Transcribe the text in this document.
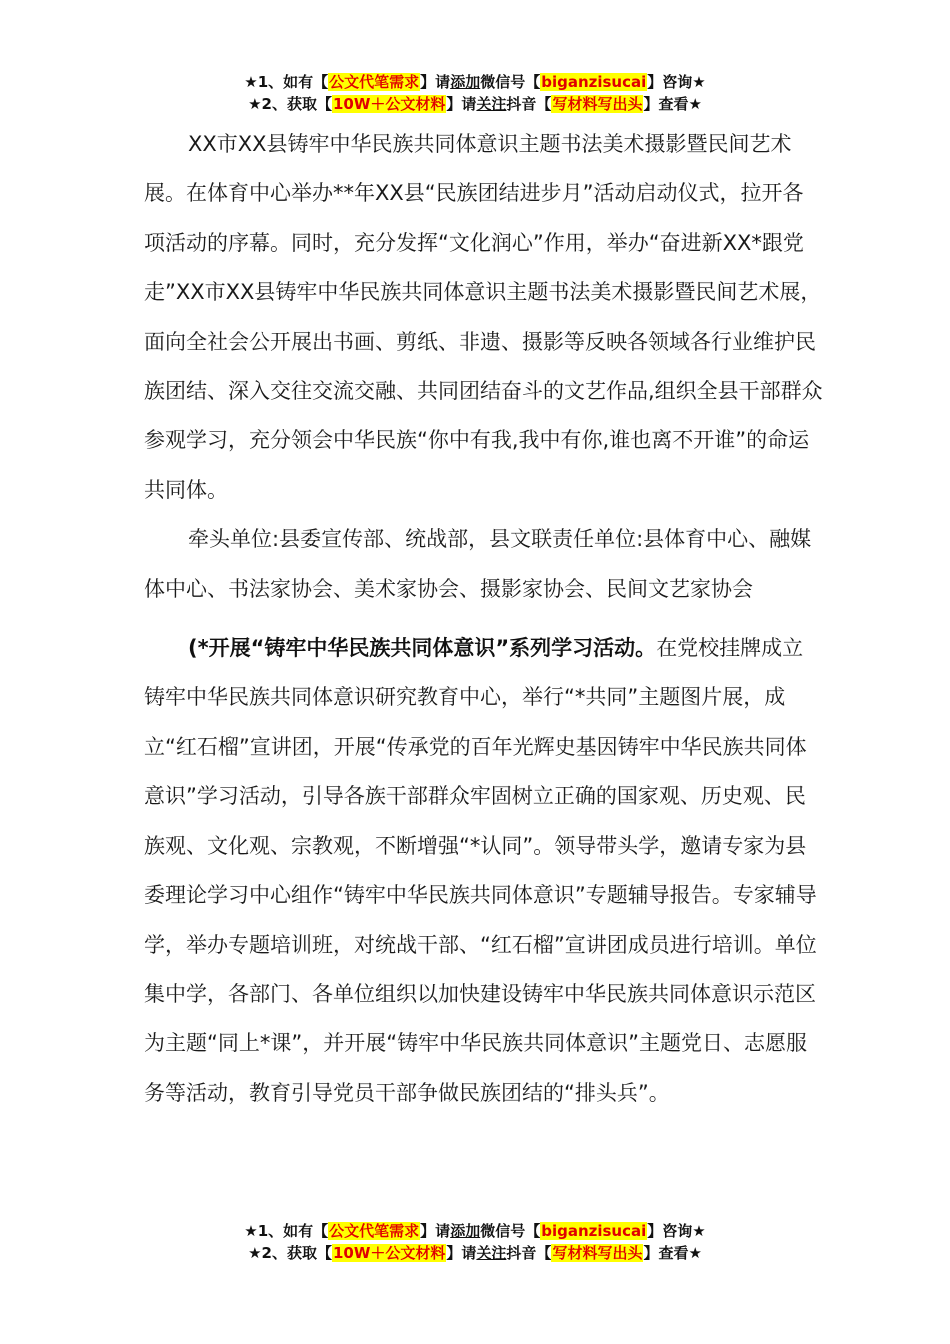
★1、如有【公文代笔需求】请添加微信号【biganzisucai】咨询★
★2、获取【10W＋公文材料】请关注抖音【写材料写出头】查看★

XX市XX县铸牢中华民族共同体意识主题书法美术摄影暨民间艺术展。在体育中心举办**年XX县“民族团结进步月”活动启动仪式，拉开各项活动的序幕。同时，充分发挥“文化润心”作用，举办“奋进新XX*跟党走”XX市XX县铸牢中华民族共同体意识主题书法美术摄影暨民间艺术展，面向全社会公开展出书画、剪纸、非遗、摄影等反映各领域各行业维护民族团结、深入交往交流交融、共同团结奋斗的文艺作品,组织全县干部群众参观学习，充分领会中华民族“你中有我,我中有你,谁也离不开谁”的命运共同体。

牵头单位:县委宣传部、统战部，县文联责任单位:县体育中心、融媒体中心、书法家协会、美术家协会、摄影家协会、民间文艺家协会

(*开展“铸牢中华民族共同体意识”系列学习活动。在党校挂牌成立铸牢中华民族共同体意识研究教育中心，举行“*共同”主题图片展，成立“红石榴”宣讲团，开展“传承党的百年光辉史基因铸牢中华民族共同体意识”学习活动，引导各族干部群众牢固树立正确的国家观、历史观、民族观、文化观、宗教观，不断增强“*认同”。领导带头学，邀请专家为县委理论学习中心组作“铸牢中华民族共同体意识”专题辅导报告。专家辅导学，举办专题培训班，对统战干部、“红石榴”宣讲团成员进行培训。单位集中学，各部门、各单位组织以加快建设铸牢中华民族共同体意识示范区为主题“同上*课”，并开展“铸牢中华民族共同体意识”主题党日、志愿服务等活动，教育引导党员干部争做民族团结的“排头兵”。

★1、如有【公文代笔需求】请添加微信号【biganzisucai】咨询★
★2、获取【10W＋公文材料】请关注抖音【写材料写出头】查看★
